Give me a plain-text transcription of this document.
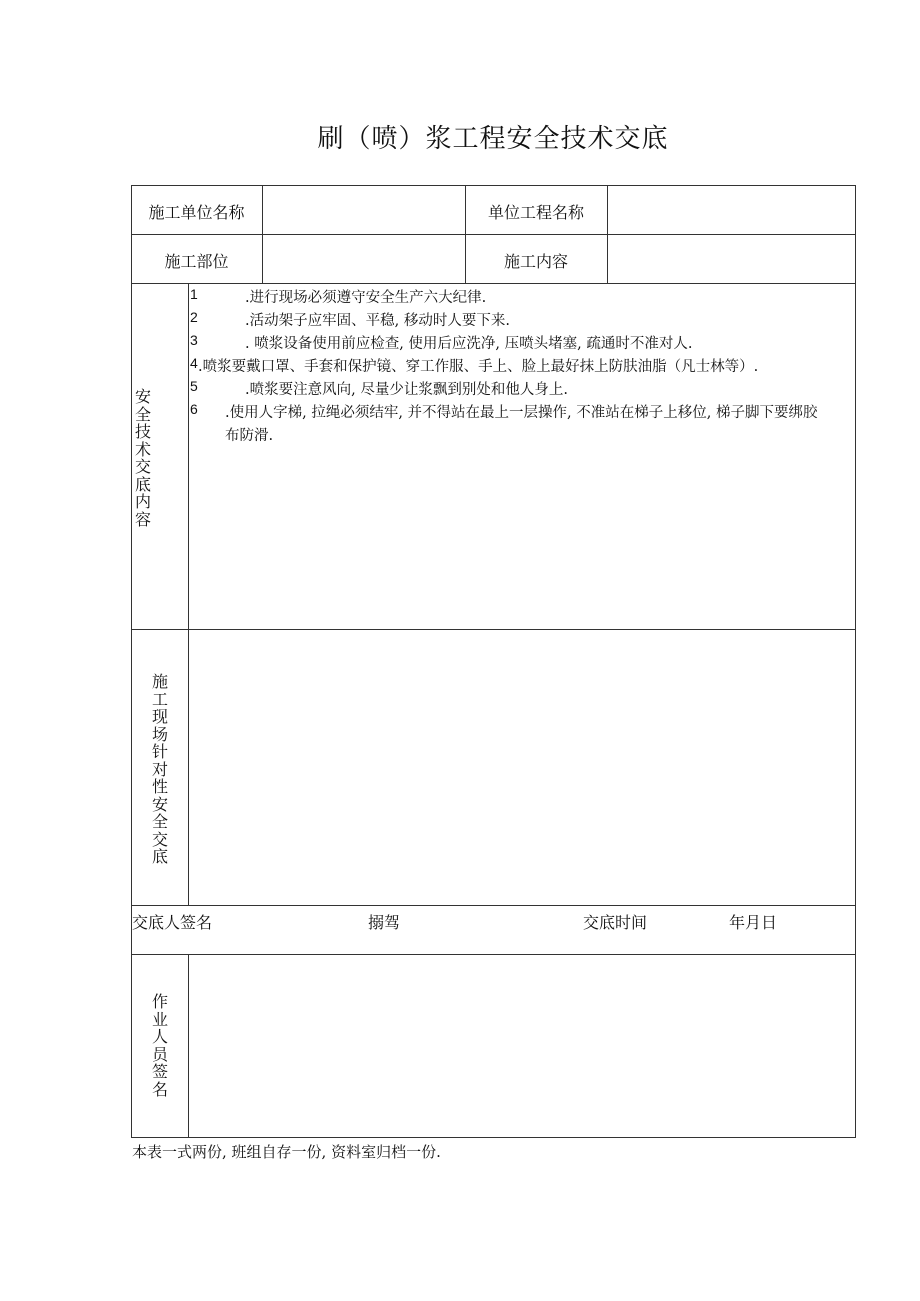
刷（喷）浆工程安全技术交底
施工单位名称	单位工程名称
施工部位	施工内容
安全技术交底内容
1	.进行现场必须遵守安全生产六大纪律.
2	.活动架子应牢固、平稳, 移动时人要下来.
3	. 喷浆设备使用前应检查, 使用后应洗净, 压喷头堵塞, 疏通时不准对人.
4 .喷浆要戴口罩、手套和保护镜、穿工作服、手上、脸上最好抹上防肤油脂（凡士林等）.
5	.喷浆要注意风向, 尽量少让浆飘到别处和他人身上.
6 .使用人字梯, 拉绳必须结牢, 并不得站在最上一层操作, 不准站在梯子上移位, 梯子脚下要绑胶
布防滑.
施工现场针对性安全交底
交底人签名	搦驾	交底时间	年月日
作业人员签名
本表一式两份, 班组自存一份, 资料室归档一份.
